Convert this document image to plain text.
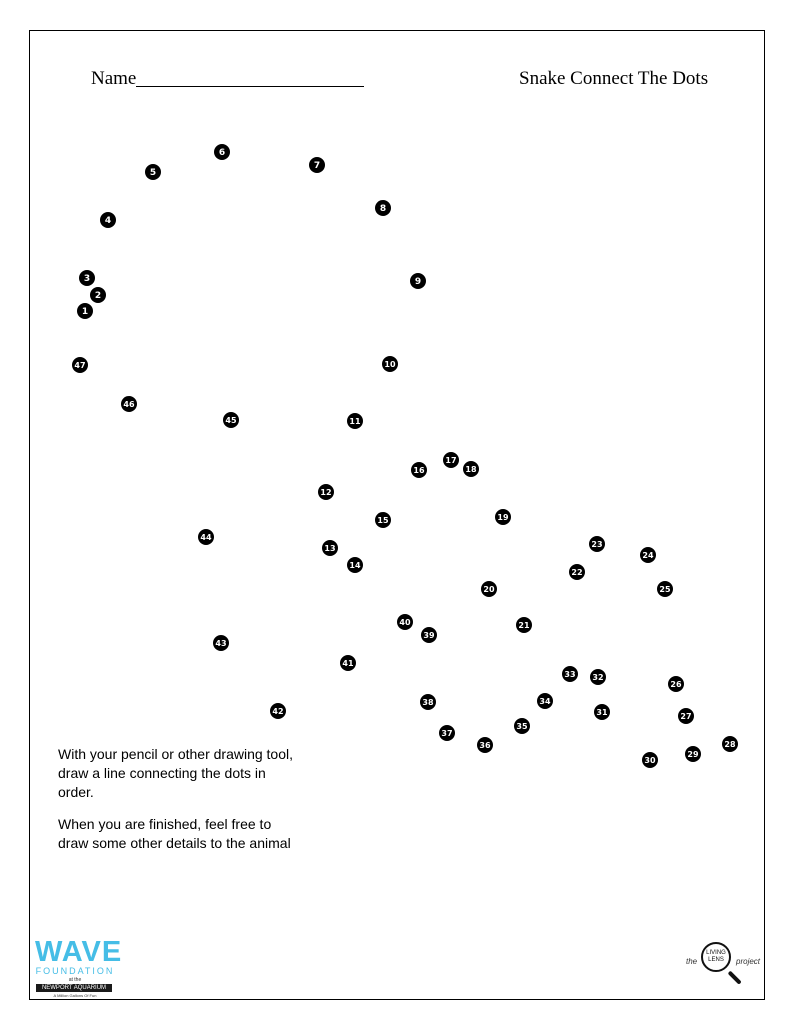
Name	Snake Connect The Dots
1
2
3
4
5
6
7
8
9
10
11
12
13
14
15
16
17
18
19
20
21
22
23
24
25
26
27
28
29
30
31
32
33
34
35
36
37
38
39
40
41
42
43
44
45
46
47

With your pencil or other drawing tool, draw a line connecting the dots in order.

When you are finished, feel free to draw some other details to the animal

WAVE
FOUNDATION
at the
NEWPORT AQUARIUM
A Million Gallons Of Fun
the
LIVING LENS	project
